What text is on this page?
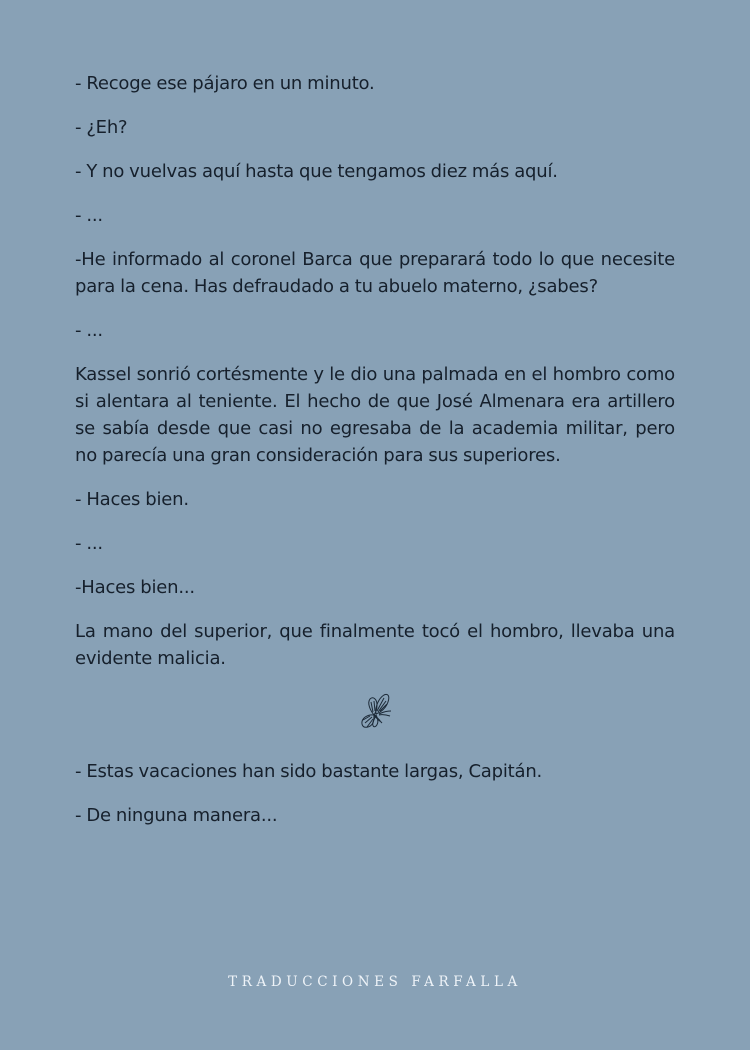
- Recoge ese pájaro en un minuto.

- ¿Eh?

- Y no vuelvas aquí hasta que tengamos diez más aquí.

- ...

-He informado al coronel Barca que preparará todo lo que necesite para la cena. Has defraudado a tu abuelo materno, ¿sabes?

- ...

Kassel sonrió cortésmente y le dio una palmada en el hombro como si alentara al teniente. El hecho de que José Almenara era artillero se sabía desde que casi no egresaba de la academia militar, pero no parecía una gran consideración para sus superiores.

- Haces bien.

- ...

-Haces bien...

La mano del superior, que finalmente tocó el hombro, llevaba una evidente malicia.

- Estas vacaciones han sido bastante largas, Capitán.

- De ninguna manera...

TRADUCCIONES FARFALLA
